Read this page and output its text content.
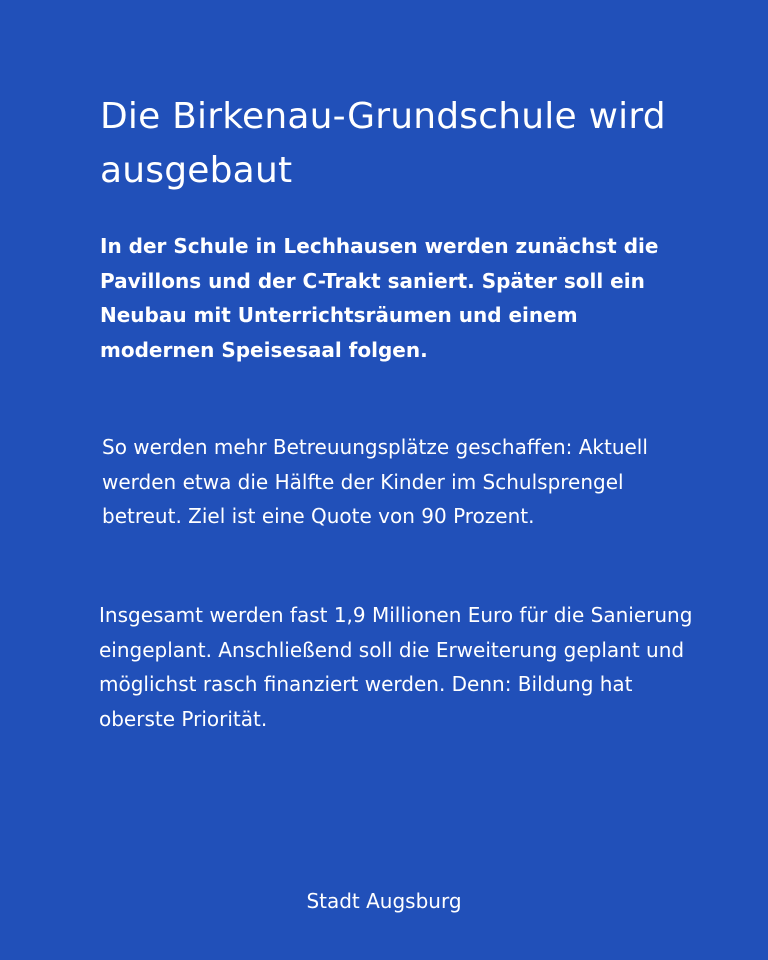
Die Birkenau-Grundschule wird ausgebaut

In der Schule in Lechhausen werden zunächst die Pavillons und der C-Trakt saniert. Später soll ein Neubau mit Unterrichtsräumen und einem modernen Speisesaal folgen.

So werden mehr Betreuungsplätze geschaffen: Aktuell werden etwa die Hälfte der Kinder im Schulsprengel betreut. Ziel ist eine Quote von 90 Prozent.

Insgesamt werden fast 1,9 Millionen Euro für die Sanierung eingeplant. Anschließend soll die Erweiterung geplant und möglichst rasch finanziert werden. Denn: Bildung hat oberste Priorität.

Stadt Augsburg
